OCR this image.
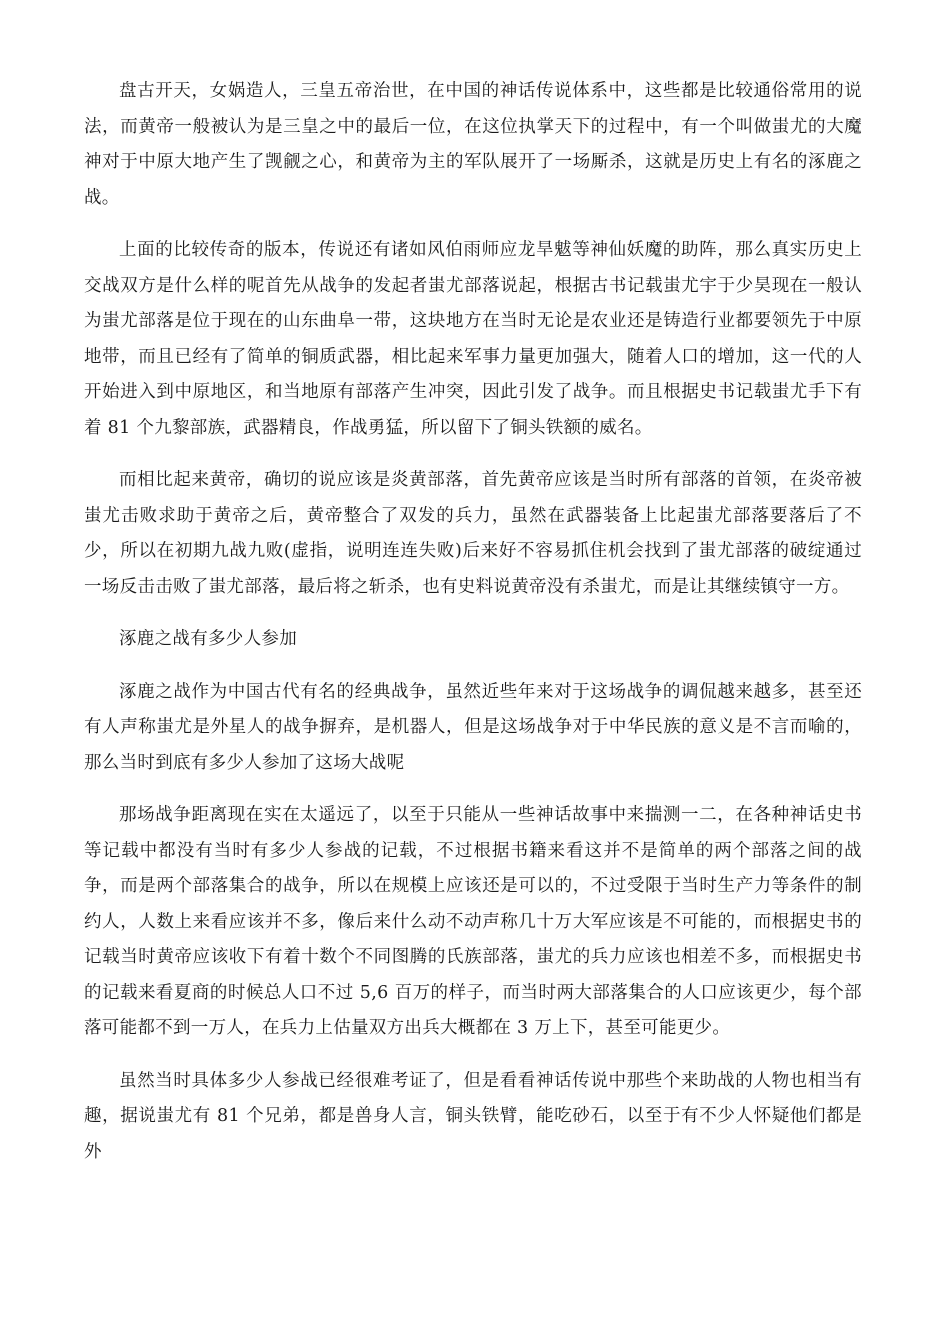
盘古开天，女娲造人，三皇五帝治世，在中国的神话传说体系中，这些都是比较通俗常用的说法，而黄帝一般被认为是三皇之中的最后一位，在这位执掌天下的过程中，有一个叫做蚩尤的大魔神对于中原大地产生了觊觎之心，和黄帝为主的军队展开了一场厮杀，这就是历史上有名的涿鹿之战。

上面的比较传奇的版本，传说还有诸如风伯雨师应龙旱魃等神仙妖魔的助阵，那么真实历史上交战双方是什么样的呢首先从战争的发起者蚩尤部落说起，根据古书记载蚩尤宇于少昊现在一般认为蚩尤部落是位于现在的山东曲阜一带，这块地方在当时无论是农业还是铸造行业都要领先于中原地带，而且已经有了简单的铜质武器，相比起来军事力量更加强大，随着人口的增加，这一代的人开始进入到中原地区，和当地原有部落产生冲突，因此引发了战争。而且根据史书记载蚩尤手下有着 81 个九黎部族，武器精良，作战勇猛，所以留下了铜头铁额的威名。

而相比起来黄帝，确切的说应该是炎黄部落，首先黄帝应该是当时所有部落的首领，在炎帝被蚩尤击败求助于黄帝之后，黄帝整合了双发的兵力，虽然在武器装备上比起蚩尤部落要落后了不少，所以在初期九战九败(虚指，说明连连失败)后来好不容易抓住机会找到了蚩尤部落的破绽通过一场反击击败了蚩尤部落，最后将之斩杀，也有史料说黄帝没有杀蚩尤，而是让其继续镇守一方。

涿鹿之战有多少人参加

涿鹿之战作为中国古代有名的经典战争，虽然近些年来对于这场战争的调侃越来越多，甚至还有人声称蚩尤是外星人的战争摒弃，是机器人，但是这场战争对于中华民族的意义是不言而喻的，那么当时到底有多少人参加了这场大战呢

那场战争距离现在实在太遥远了，以至于只能从一些神话故事中来揣测一二，在各种神话史书等记载中都没有当时有多少人参战的记载，不过根据书籍来看这并不是简单的两个部落之间的战争，而是两个部落集合的战争，所以在规模上应该还是可以的，不过受限于当时生产力等条件的制约人，人数上来看应该并不多，像后来什么动不动声称几十万大军应该是不可能的，而根据史书的记载当时黄帝应该收下有着十数个不同图腾的氏族部落，蚩尤的兵力应该也相差不多，而根据史书的记载来看夏商的时候总人口不过 5,6 百万的样子，而当时两大部落集合的人口应该更少，每个部落可能都不到一万人，在兵力上估量双方出兵大概都在 3 万上下，甚至可能更少。

虽然当时具体多少人参战已经很难考证了，但是看看神话传说中那些个来助战的人物也相当有趣，据说蚩尤有 81 个兄弟，都是兽身人言，铜头铁臂，能吃砂石，以至于有不少人怀疑他们都是外
